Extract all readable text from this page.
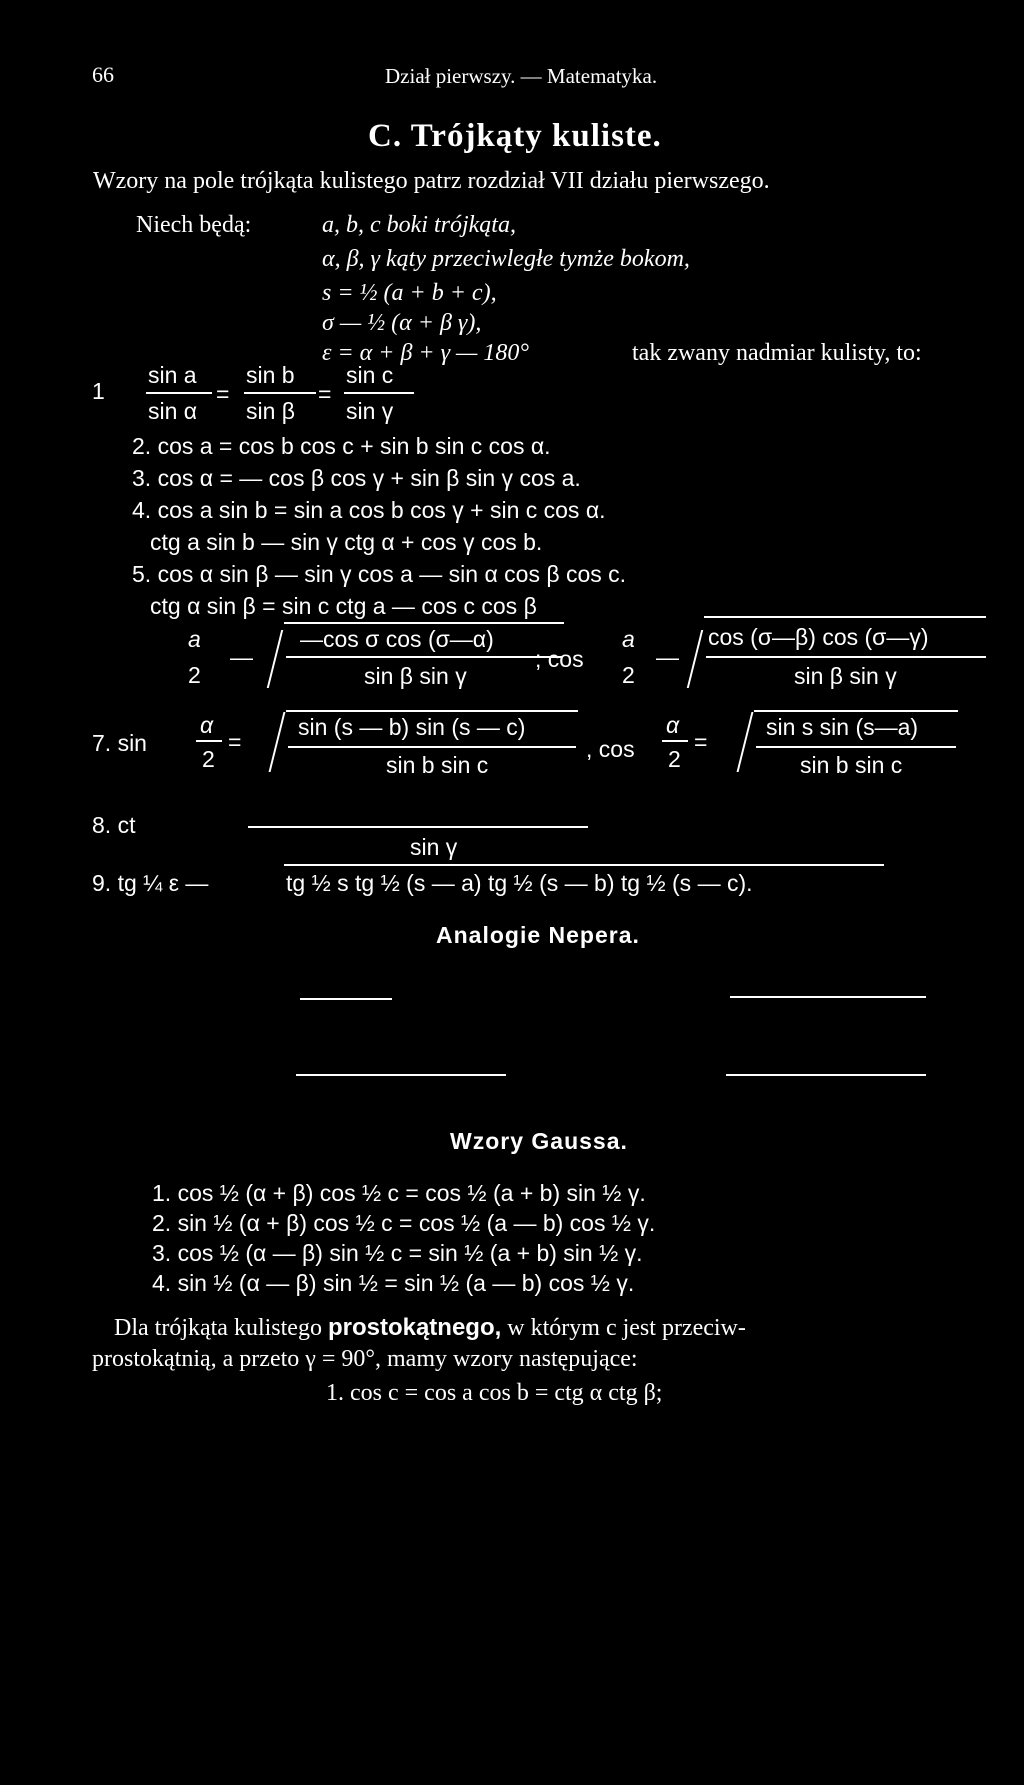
66	Dział pierwszy. — Matematyka.
C. Trójkąty kuliste.
Wzory na pole trójkąta kulistego patrz rozdział VII działu pierwszego.
Niech będą:	a, b, c boki trójkąta,
α, β, γ kąty przeciwległe tymże bokom,
s = ½ (a + b + c),
σ — ½ (α + β γ),
ε = α + β + γ — 180°	tak zwany nadmiar kulisty, to:
1
sin a sin b sin c
=	=
sin α sin β sin γ
2. cos a = cos b cos c + sin b sin c cos α.
3. cos α = — cos β cos γ + sin β sin γ cos a.
4. cos a sin b = sin a cos b cos γ + sin c cos α.
ctg a sin b — sin γ ctg α + cos γ cos b.
5. cos α sin β — sin γ cos a — sin α cos β cos c.
ctg α sin β = sin c ctg a — cos c cos β
a
2
—
—cos σ cos (σ—α)
sin β sin γ
; cos
a
2
—
cos (σ—β) cos (σ—γ)
sin β sin γ
7. sin
α
2
=
sin (s — b) sin (s — c)
sin b sin c
, cos
α
2
=
sin s sin (s—a)
sin b sin c
8. ct
sin γ
9. tg ¼ ε —	tg ½ s tg ½ (s — a) tg ½ (s — b) tg ½ (s — c).
Analogie Nepera.
Wzory Gaussa.
1. cos ½ (α + β) cos ½ c = cos ½ (a + b) sin ½ γ.
2. sin ½ (α + β) cos ½ c = cos ½ (a — b) cos ½ γ.
3. cos ½ (α — β) sin ½ c = sin ½ (a + b) sin ½ γ.
4. sin ½ (α — β) sin ½ = sin ½ (a — b) cos ½ γ.
Dla trójkąta kulistego prostokątnego, w którym c jest przeciw-
prostokątnią, a przeto γ = 90°, mamy wzory następujące:
1. cos c = cos a cos b = ctg α ctg β;
